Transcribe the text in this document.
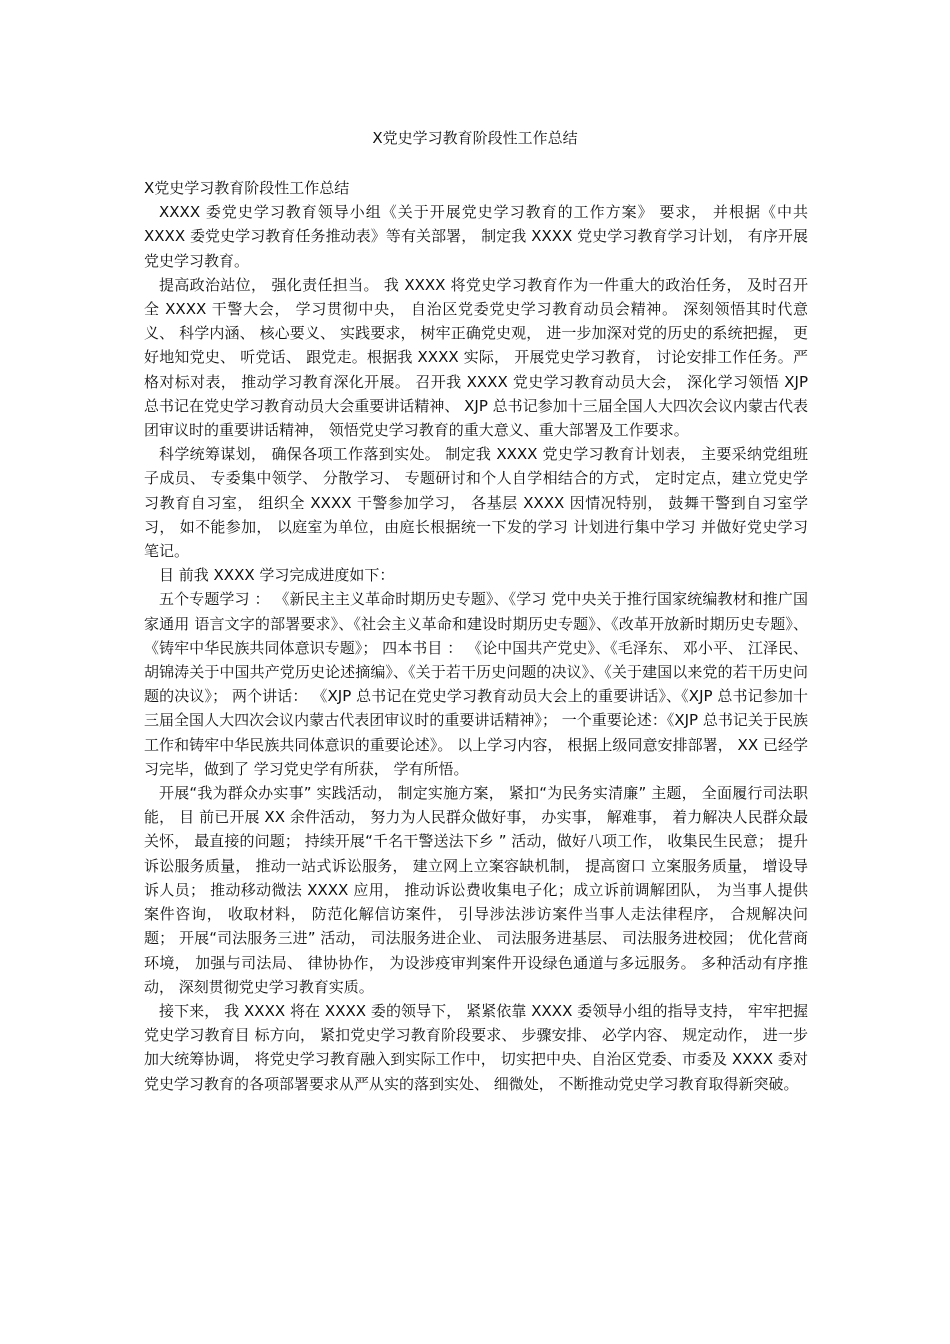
X党史学习教育阶段性工作总结

X党史学习教育阶段性工作总结

XXXX 委党史学习教育领导小组《关于开展党史学习教育的工作方案》 要求， 并根据《中共 XXXX 委党史学习教育任务推动表》等有关部署， 制定我 XXXX 党史学习教育学习计划， 有序开展党史学习教育。

提高政治站位， 强化责任担当。 我 XXXX 将党史学习教育作为一件重大的政治任务， 及时召开全 XXXX 干警大会， 学习贯彻中央， 自治区党委党史学习教育动员会精神。 深刻领悟其时代意义、 科学内涵、 核心要义、 实践要求， 树牢正确党史观， 进一步加深对党的历史的系统把握， 更好地知党史、 听党话、 跟党走。根据我 XXXX 实际， 开展党史学习教育， 讨论安排工作任务。严格对标对表， 推动学习教育深化开展。 召开我 XXXX 党史学习教育动员大会， 深化学习领悟 XJP 总书记在党史学习教育动员大会重要讲话精神、 XJP 总书记参加十三届全国人大四次会议内蒙古代表团审议时的重要讲话精神， 领悟党史学习教育的重大意义、重大部署及工作要求。

科学统筹谋划， 确保各项工作落到实处。 制定我 XXXX 党史学习教育计划表， 主要采纳党组班子成员、 专委集中领学、 分散学习、 专题研讨和个人自学相结合的方式， 定时定点，建立党史学习教育自习室， 组织全 XXXX 干警参加学习， 各基层 XXXX 因情况特别， 鼓舞干警到自习室学习， 如不能参加， 以庭室为单位，由庭长根据统一下发的学习 计划进行集中学习 并做好党史学习笔记。

目 前我 XXXX 学习完成进度如下：

五个专题学习 ： 《新民主主义革命时期历史专题》、《学习 党中央关于推行国家统编教材和推广国家通用 语言文字的部署要求》、《社会主义革命和建设时期历史专题》、《改革开放新时期历史专题》、《铸牢中华民族共同体意识专题》； 四本书目 ： 《论中国共产党史》、《毛泽东、 邓小平、 江泽民、 胡锦涛关于中国共产党历史论述摘编》、《关于若干历史问题的决议》、《关于建国以来党的若干历史问题的决议》； 两个讲话： 《XJP 总书记在党史学习教育动员大会上的重要讲话》、《XJP 总书记参加十三届全国人大四次会议内蒙古代表团审议时的重要讲话精神》； 一个重要论述：《XJP 总书记关于民族工作和铸牢中华民族共同体意识的重要论述》。 以上学习内容， 根据上级同意安排部署， XX 已经学习完毕，做到了 学习党史学有所获， 学有所悟。

开展“我为群众办实事” 实践活动， 制定实施方案， 紧扣“为民务实清廉” 主题， 全面履行司法职能， 目 前已开展 XX 余件活动， 努力为人民群众做好事， 办实事， 解难事， 着力解决人民群众最关怀， 最直接的问题； 持续开展“千名干警送法下乡 ” 活动，做好八项工作， 收集民生民意； 提升诉讼服务质量， 推动一站式诉讼服务， 建立网上立案容缺机制， 提高窗口 立案服务质量， 增设导诉人员； 推动移动微法 XXXX 应用， 推动诉讼费收集电子化；成立诉前调解团队， 为当事人提供案件咨询， 收取材料， 防范化解信访案件， 引导涉法涉访案件当事人走法律程序， 合规解决问题； 开展“司法服务三进” 活动， 司法服务进企业、 司法服务进基层、 司法服务进校园； 优化营商环境， 加强与司法局、 律协协作， 为设涉疫审判案件开设绿色通道与多远服务。 多种活动有序推动， 深刻贯彻党史学习教育实质。

接下来， 我 XXXX 将在 XXXX 委的领导下， 紧紧依靠 XXXX 委领导小组的指导支持， 牢牢把握党史学习教育目 标方向， 紧扣党史学习教育阶段要求、 步骤安排、 必学内容、 规定动作， 进一步加大统筹协调， 将党史学习教育融入到实际工作中， 切实把中央、自治区党委、市委及 XXXX 委对党史学习教育的各项部署要求从严从实的落到实处、 细微处， 不断推动党史学习教育取得新突破。
